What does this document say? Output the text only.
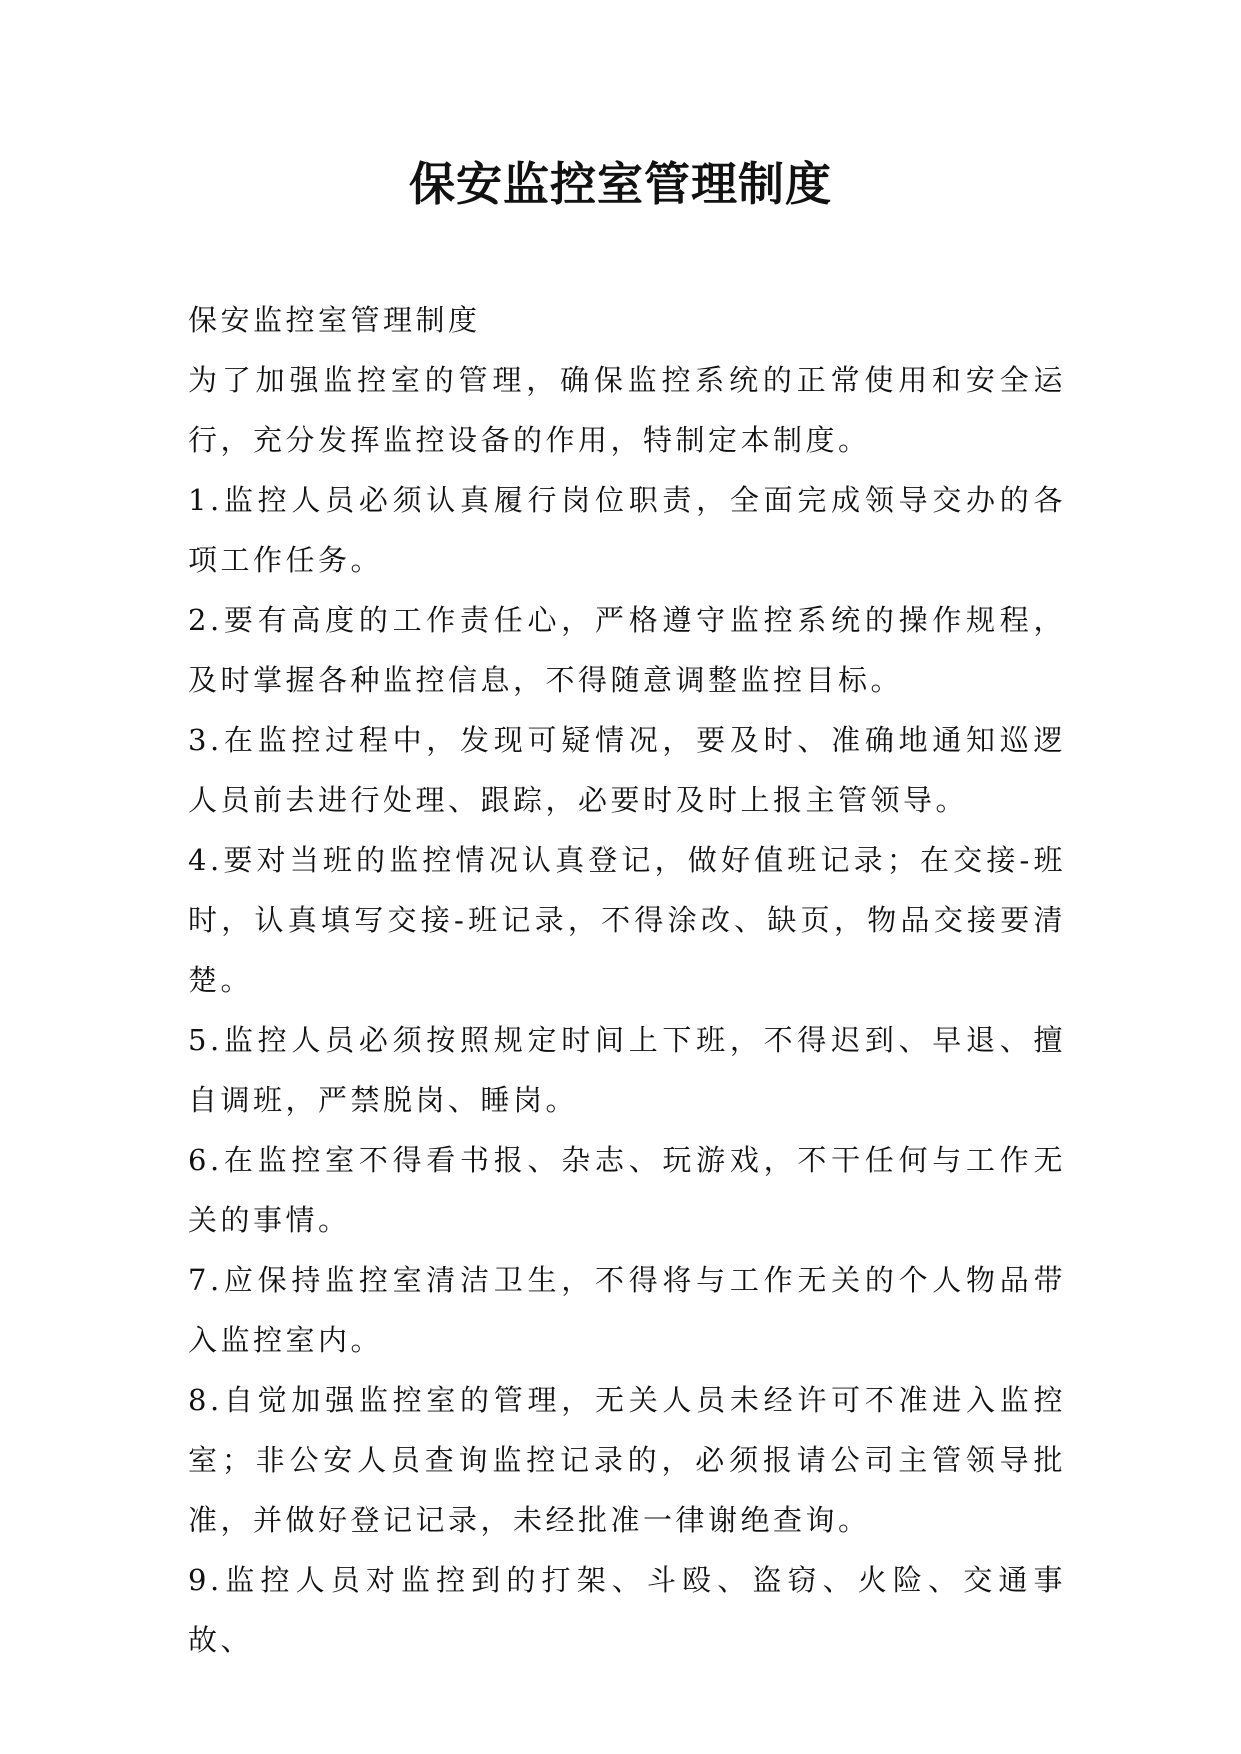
保安监控室管理制度

保安监控室管理制度

为了加强监控室的管理，确保监控系统的正常使用和安全运行，充分发挥监控设备的作用，特制定本制度。

1.监控人员必须认真履行岗位职责，全面完成领导交办的各项工作任务。

2.要有高度的工作责任心，严格遵守监控系统的操作规程，及时掌握各种监控信息，不得随意调整监控目标。

3.在监控过程中，发现可疑情况，要及时、准确地通知巡逻人员前去进行处理、跟踪，必要时及时上报主管领导。

4.要对当班的监控情况认真登记，做好值班记录；在交接-班时，认真填写交接-班记录，不得涂改、缺页，物品交接要清楚。

5.监控人员必须按照规定时间上下班，不得迟到、早退、擅自调班，严禁脱岗、睡岗。

6.在监控室不得看书报、杂志、玩游戏，不干任何与工作无关的事情。

7.应保持监控室清洁卫生，不得将与工作无关的个人物品带入监控室内。

8.自觉加强监控室的管理，无关人员未经许可不准进入监控室；非公安人员查询监控记录的，必须报请公司主管领导批准，并做好登记记录，未经批准一律谢绝查询。

9.监控人员对监控到的打架、斗殴、盗窃、火险、交通事故、
